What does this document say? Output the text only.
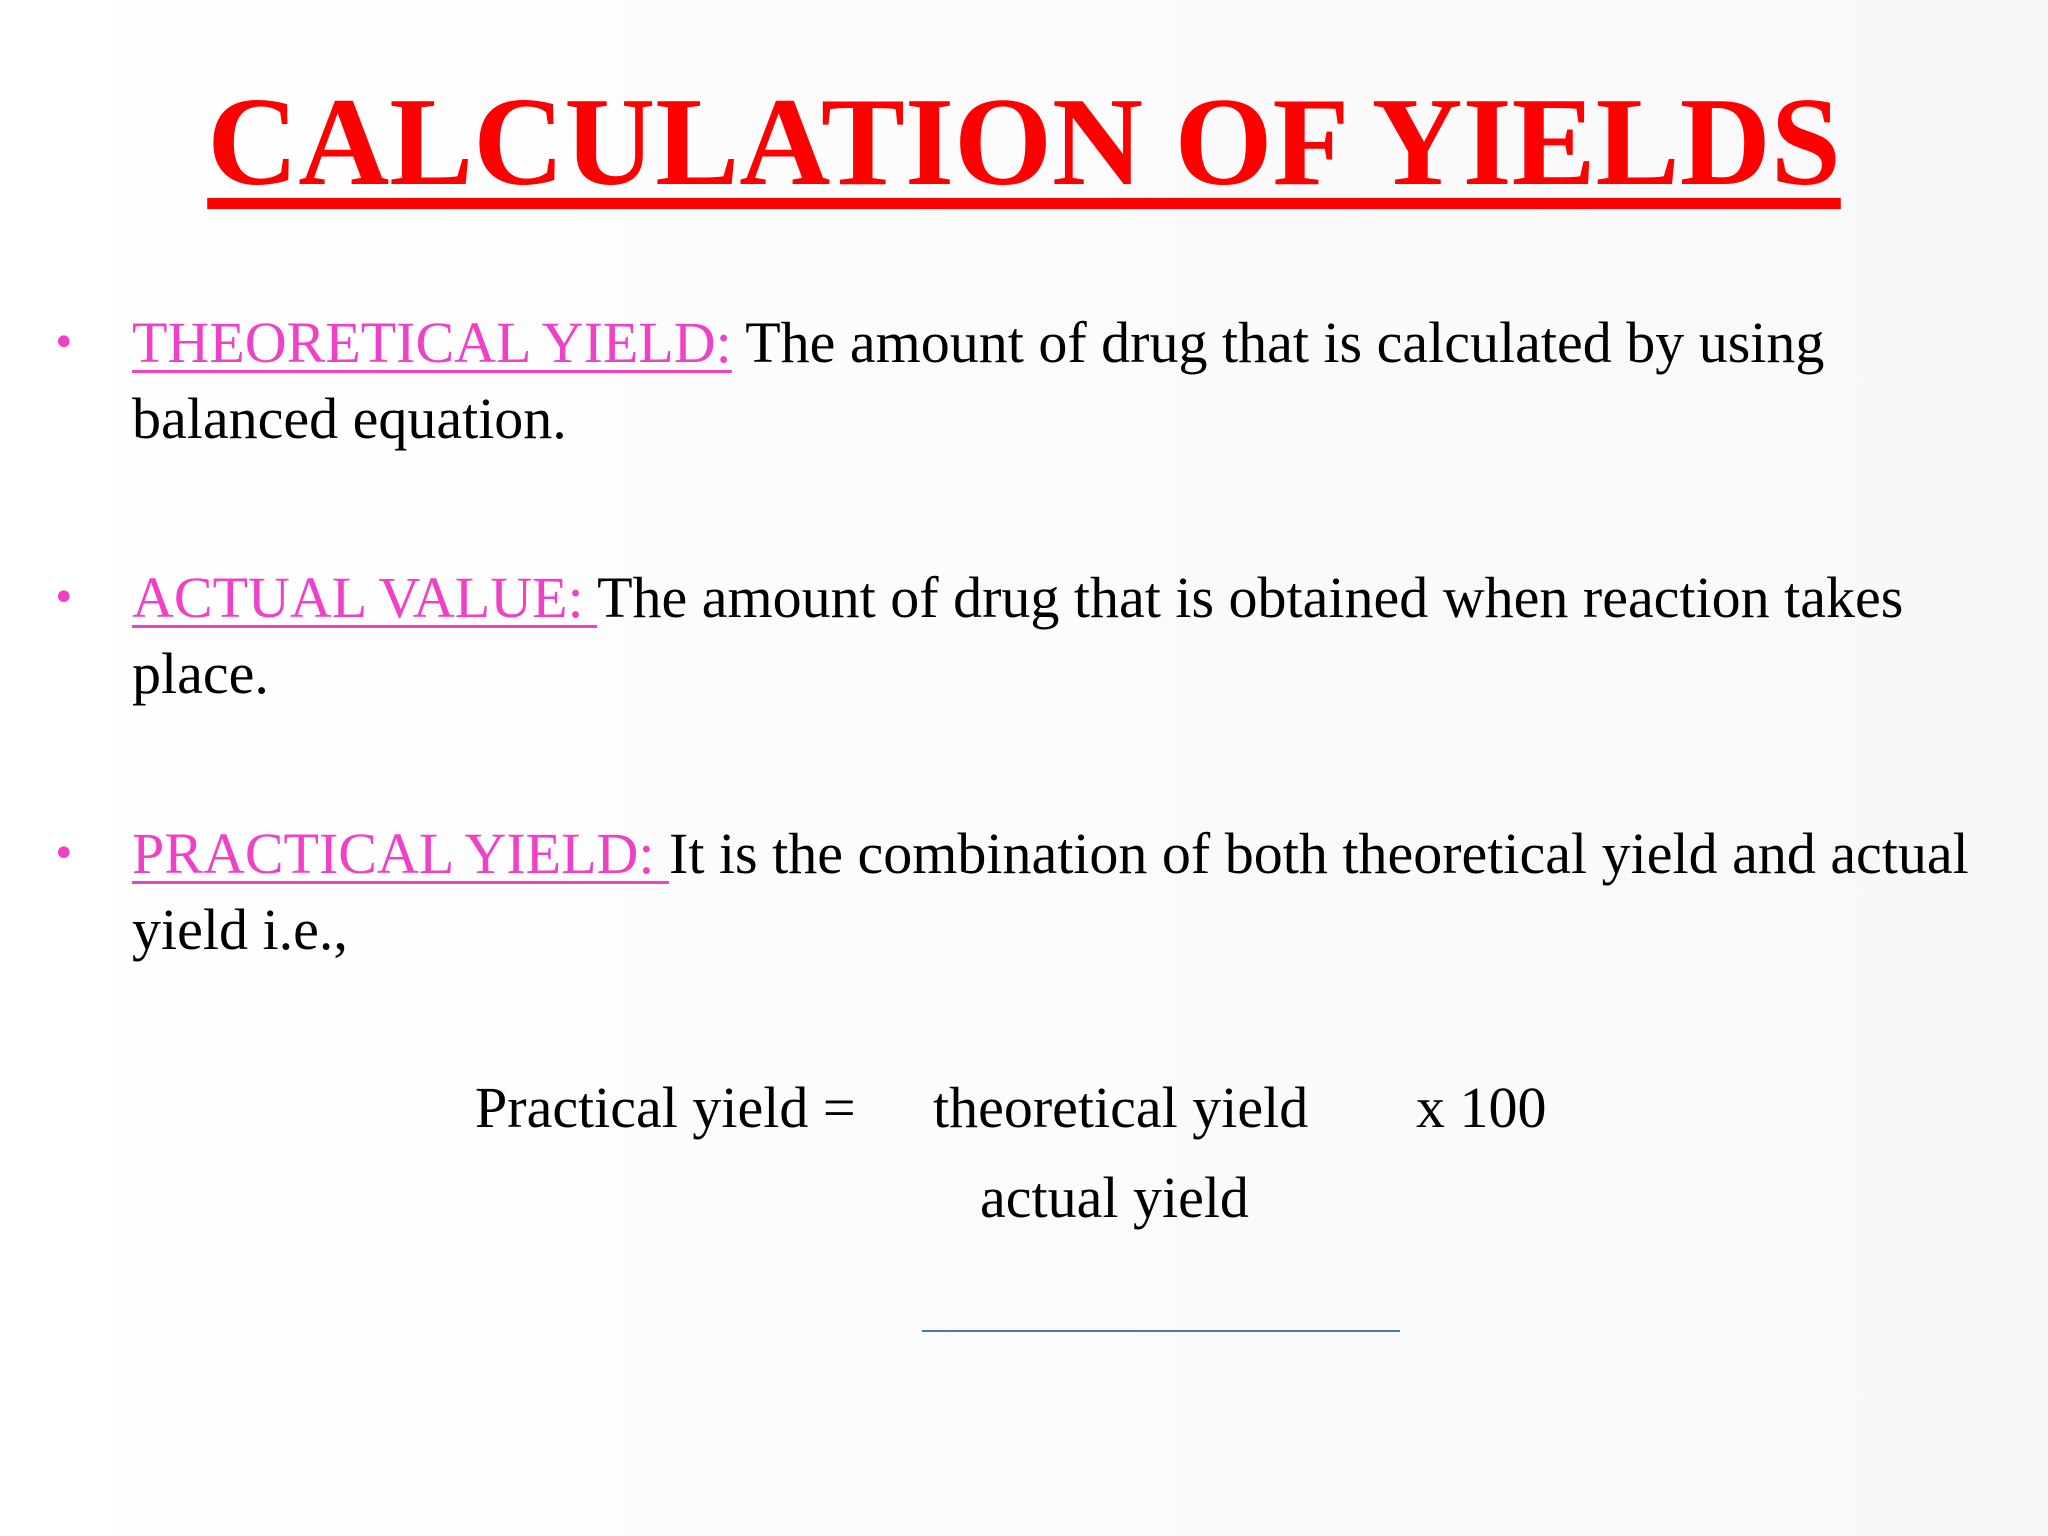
CALCULATION OF YIELDS
• THEORETICAL YIELD: The amount of drug that is calculated by using balanced equation.
• ACTUAL VALUE: The amount of drug that is obtained when reaction takes place.
• PRACTICAL YIELD: It is the combination of both theoretical yield and actual yield i.e.,
Practical yield = theoretical yield x 100
actual yield
